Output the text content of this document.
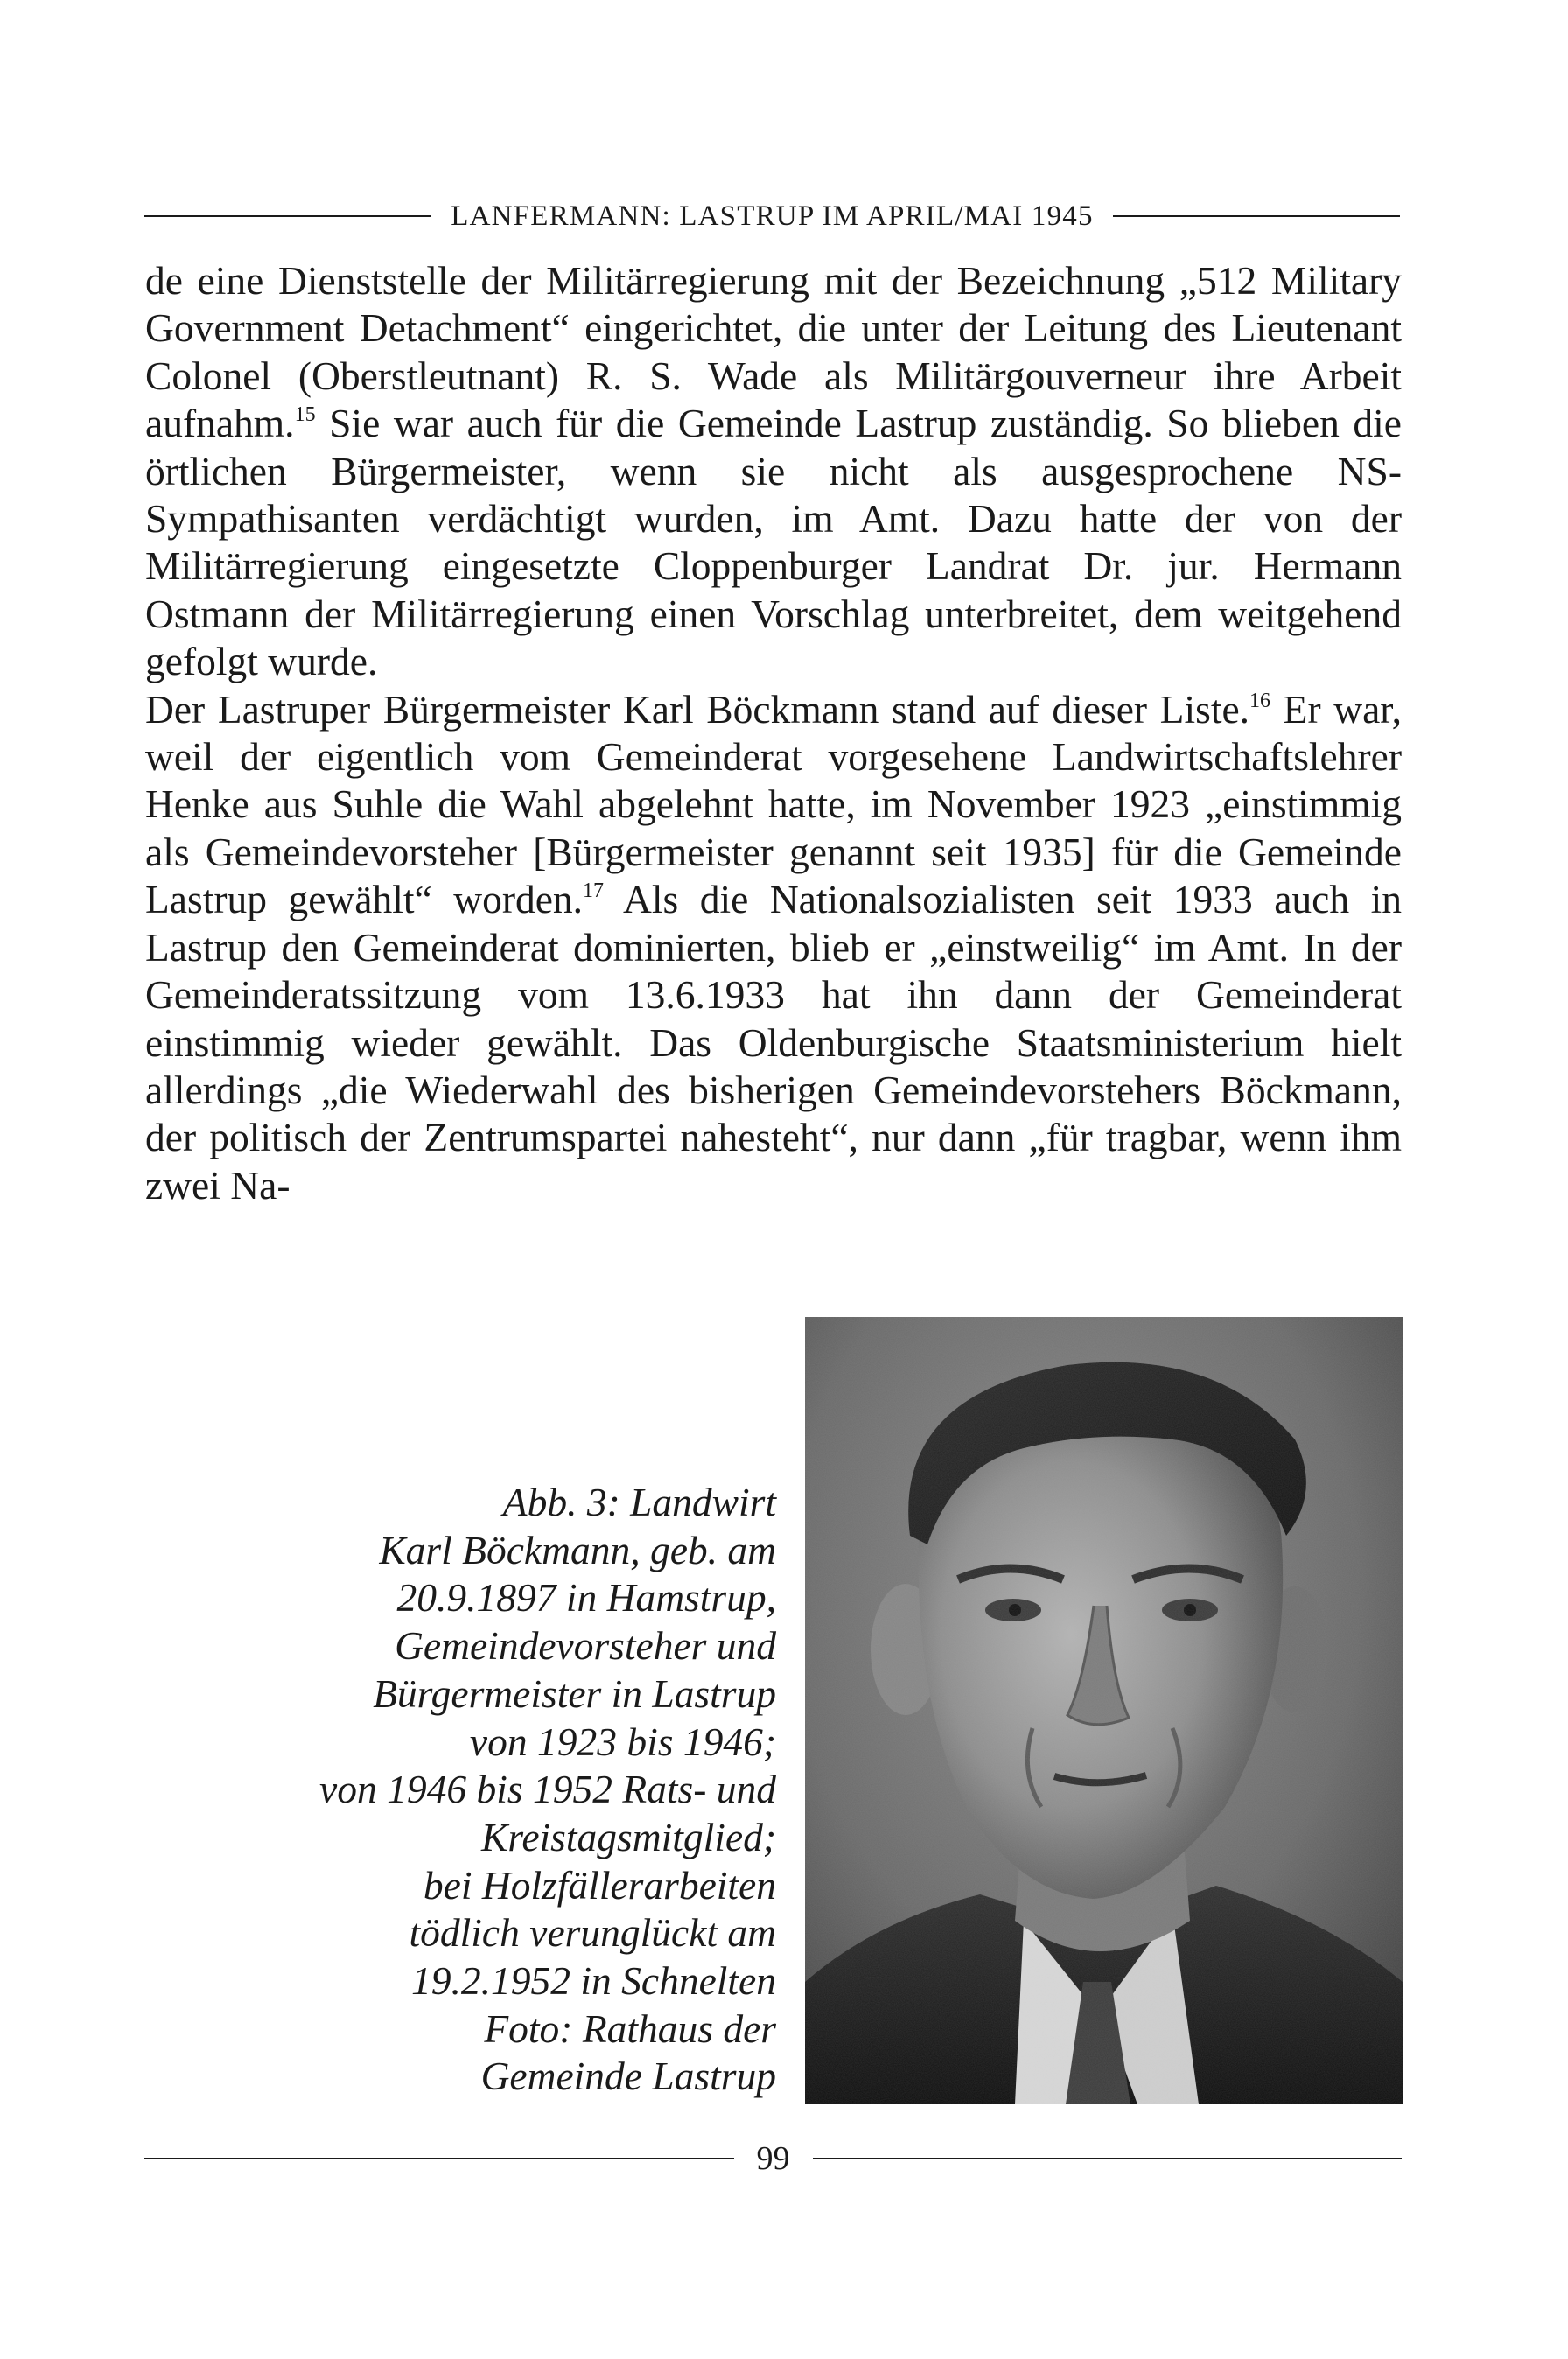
LANFERMANN: LASTRUP IM APRIL/MAI 1945

de eine Dienststelle der Militärregierung mit der Bezeichnung „512 Military Government Detachment“ eingerichtet, die unter der Leitung des Lieutenant Colonel (Oberstleutnant) R. S. Wade als Militärgouverneur ihre Arbeit aufnahm.$^{15}$ Sie war auch für die Gemeinde Lastrup zuständig. So blieben die örtlichen Bürgermeister, wenn sie nicht als ausgesprochene NS-Sympathisanten verdächtigt wurden, im Amt. Dazu hatte der von der Militärregierung eingesetzte Cloppenburger Landrat Dr. jur. Hermann Ostmann der Militärregierung einen Vorschlag unterbreitet, dem weitgehend gefolgt wurde.

Der Lastruper Bürgermeister Karl Böckmann stand auf dieser Liste.$^{16}$ Er war, weil der eigentlich vom Gemeinderat vorgesehene Landwirtschaftslehrer Henke aus Suhle die Wahl abgelehnt hatte, im November 1923 „einstimmig als Gemeindevorsteher [Bürgermeister genannt seit 1935] für die Gemeinde Lastrup gewählt“ worden.$^{17}$ Als die Nationalsozialisten seit 1933 auch in Lastrup den Gemeinderat dominierten, blieb er „einstweilig“ im Amt. In der Gemeinderatssitzung vom 13.6.1933 hat ihn dann der Gemeinderat einstimmig wieder gewählt. Das Oldenburgische Staatsministerium hielt allerdings „die Wiederwahl des bisherigen Gemeindevorstehers Böckmann, der politisch der Zentrumspartei nahesteht“, nur dann „für tragbar, wenn ihm zwei Na-

Abb. 3: Landwirt
Karl Böckmann, geb. am
20.9.1897 in Hamstrup,
Gemeindevorsteher und
Bürgermeister in Lastrup
von 1923 bis 1946;
von 1946 bis 1952 Rats- und
Kreistagsmitglied;
bei Holzfällerarbeiten
tödlich verunglückt am
19.2.1952 in Schnelten
Foto: Rathaus der
Gemeinde Lastrup
99
